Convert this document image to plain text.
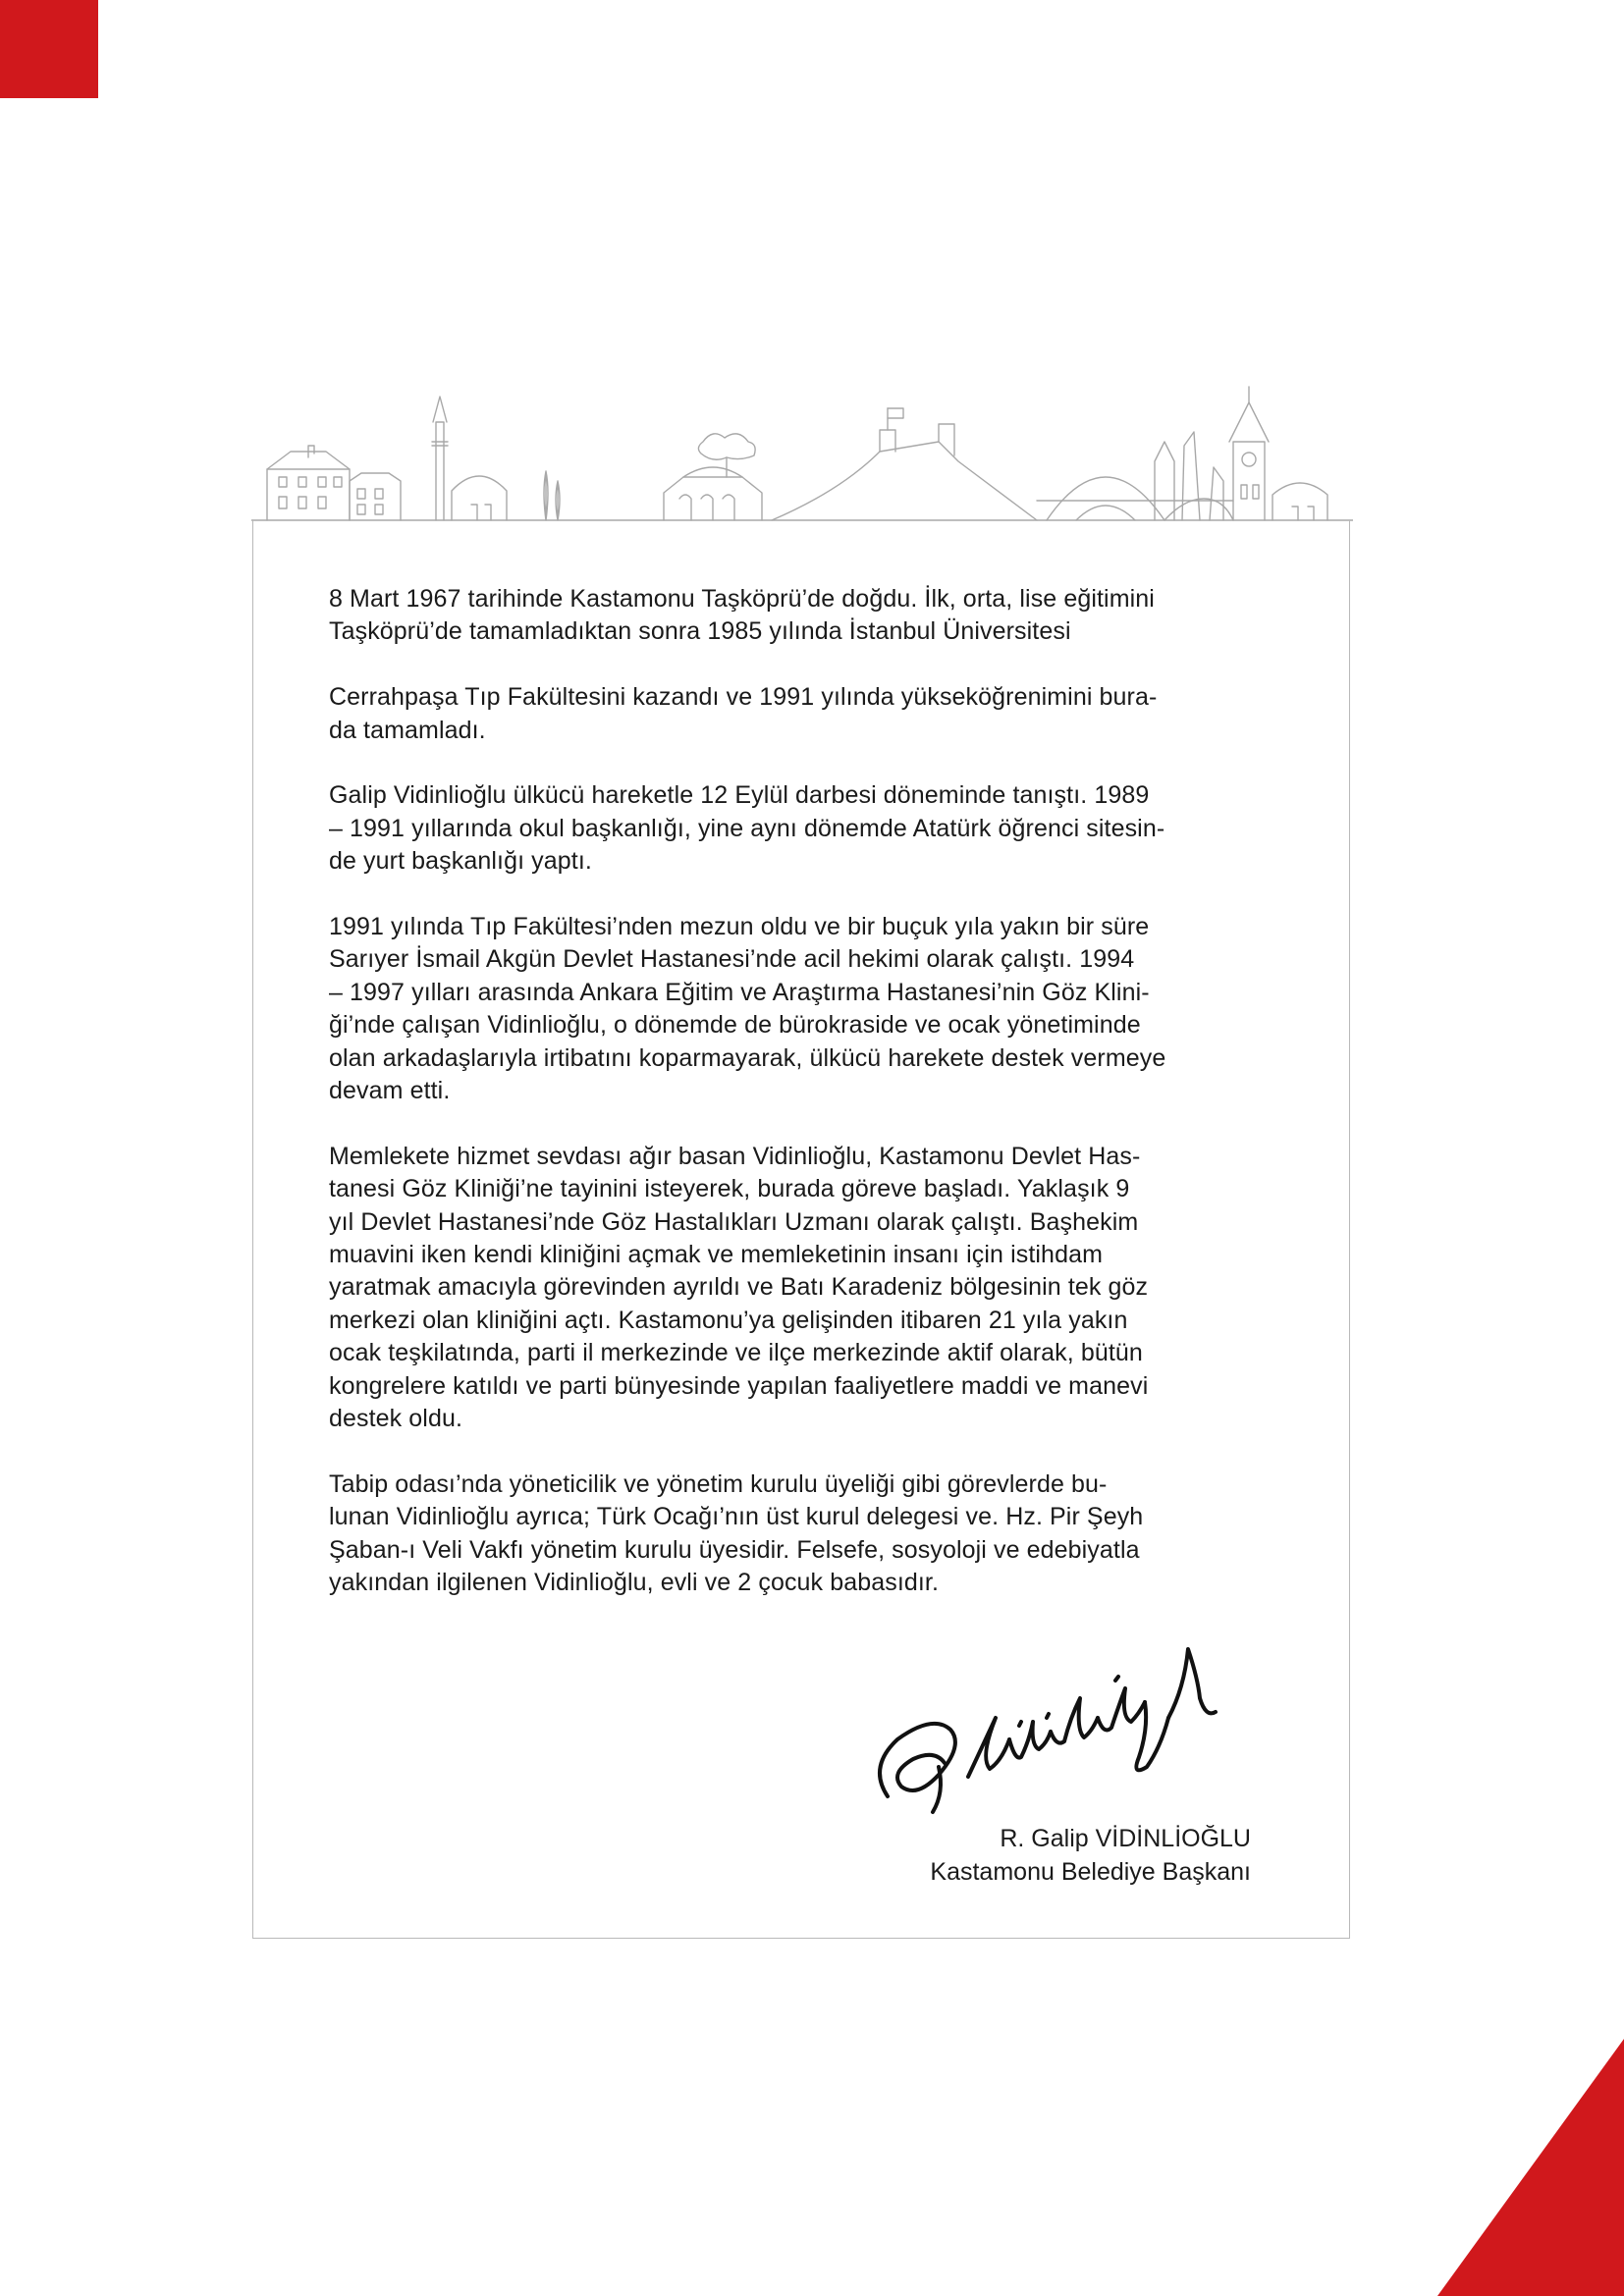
8 Mart 1967 tarihinde Kastamonu Taşköprü’de doğdu. İlk, orta, lise eğitimini
Taşköprü’de tamamladıktan sonra 1985 yılında İstanbul Üniversitesi

Cerrahpaşa Tıp Fakültesini kazandı ve 1991 yılında yükseköğrenimini bura-
da tamamladı.

Galip Vidinlioğlu ülkücü hareketle 12 Eylül darbesi döneminde tanıştı. 1989
– 1991 yıllarında okul başkanlığı, yine aynı dönemde Atatürk öğrenci sitesin-
de yurt başkanlığı yaptı.

1991 yılında Tıp Fakültesi’nden mezun oldu ve bir buçuk yıla yakın bir süre
Sarıyer İsmail Akgün Devlet Hastanesi’nde acil hekimi olarak çalıştı. 1994
– 1997 yılları arasında Ankara Eğitim ve Araştırma Hastanesi’nin Göz Klini-
ği’nde çalışan Vidinlioğlu, o dönemde de bürokraside ve ocak yönetiminde
olan arkadaşlarıyla irtibatını koparmayarak, ülkücü harekete destek vermeye
devam etti.

Memlekete hizmet sevdası ağır basan Vidinlioğlu, Kastamonu Devlet Has-
tanesi Göz Kliniği’ne tayinini isteyerek, burada göreve başladı. Yaklaşık 9
yıl Devlet Hastanesi’nde Göz Hastalıkları Uzmanı olarak çalıştı. Başhekim
muavini iken kendi kliniğini açmak ve memleketinin insanı için istihdam
yaratmak amacıyla görevinden ayrıldı ve Batı Karadeniz bölgesinin tek göz
merkezi olan kliniğini açtı. Kastamonu’ya gelişinden itibaren 21 yıla yakın
ocak teşkilatında, parti il merkezinde ve ilçe merkezinde aktif olarak, bütün
kongrelere katıldı ve parti bünyesinde yapılan faaliyetlere maddi ve manevi
destek oldu.

Tabip odası’nda yöneticilik ve yönetim kurulu üyeliği gibi görevlerde bu-
lunan Vidinlioğlu ayrıca; Türk Ocağı’nın üst kurul delegesi ve. Hz. Pir Şeyh
Şaban-ı Veli Vakfı yönetim kurulu üyesidir. Felsefe, sosyoloji ve edebiyatla
yakından ilgilenen Vidinlioğlu, evli ve 2 çocuk babasıdır.

R. Galip VİDİNLİOĞLU
Kastamonu Belediye Başkanı
